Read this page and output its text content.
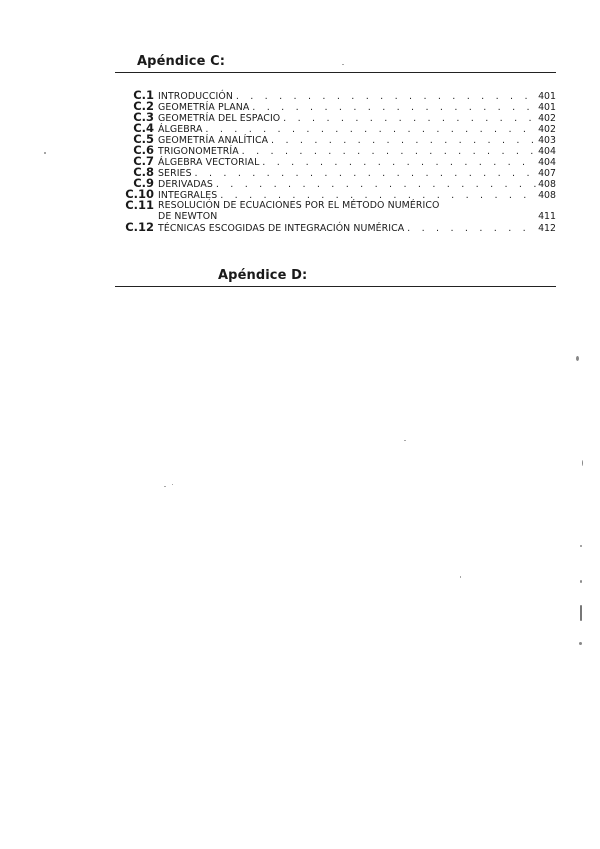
Apéndice C:
C.1 INTRODUCCIÓN . . .	401
C.2 GEOMETRÍA PLANA . . .	401
C.3 GEOMETRÍA DEL ESPACIO . . .	402
C.4 ÁLGEBRA . . .	402
C.5 GEOMETRÍA ANALÍTICA . . .	403
C.6 TRIGONOMETRÍA . . .	404
C.7 ÁLGEBRA VECTORIAL . . .	404
C.8 SERIES . . .	407
C.9 DERIVADAS . . .	408
C.10 INTEGRALES . . .	408
C.11 RESOLUCIÓN DE ECUACIONES POR EL MÉTODO NUMÉRICO
DE NEWTON	411
C.12 TÉCNICAS ESCOGIDAS DE INTEGRACIÓN NUMÉRICA . . .	412
Apéndice D:
